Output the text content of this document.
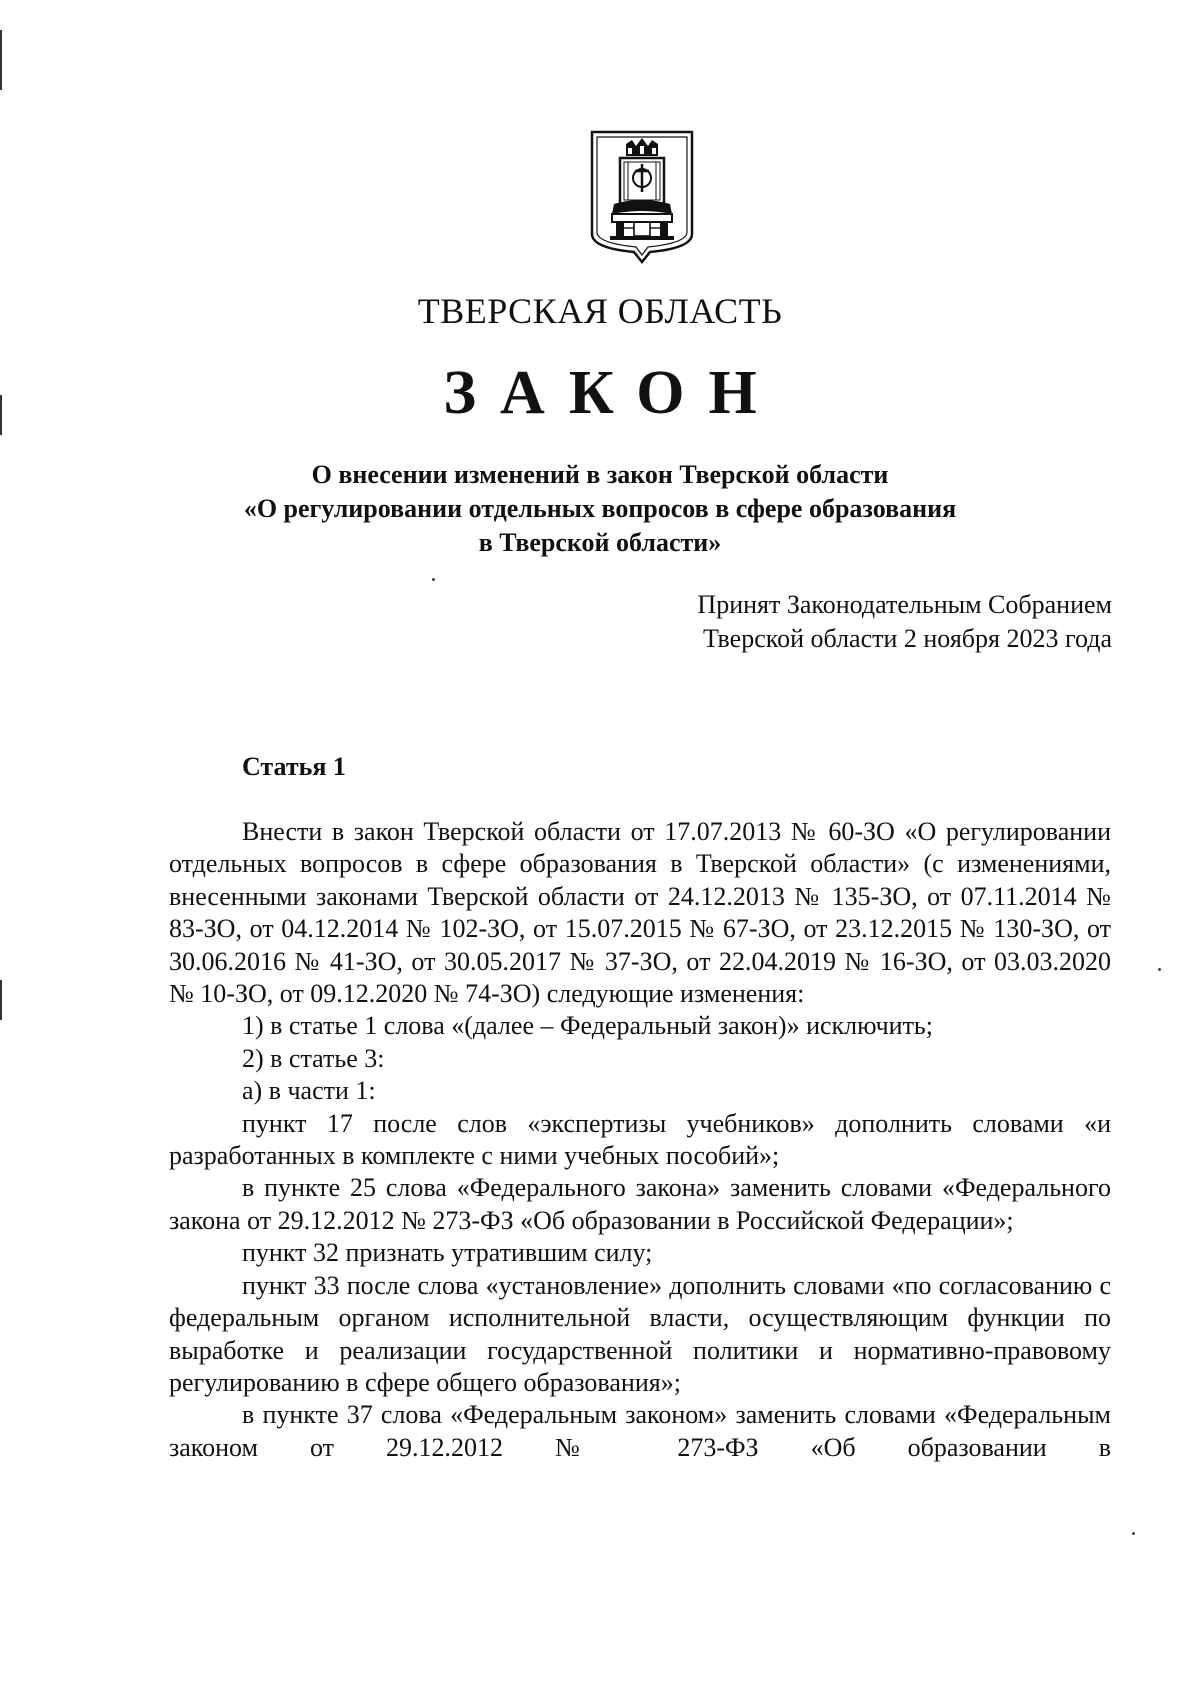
ТВЕРСКАЯ ОБЛАСТЬ
ЗАКОН
О внесении изменений в закон Тверской области
«О регулировании отдельных вопросов в сфере образования
в Тверской области»
Принят Законодательным Собранием
Тверской области 2 ноября 2023 года
Статья 1

Внести в закон Тверской области от 17.07.2013 № 60-ЗО «О регулировании отдельных вопросов в сфере образования в Тверской области» (с изменениями, внесенными законами Тверской области от 24.12.2013 № 135-ЗО, от 07.11.2014 № 83-ЗО, от 04.12.2014 № 102-ЗО, от 15.07.2015 № 67-ЗО, от 23.12.2015 № 130-ЗО, от 30.06.2016 № 41-ЗО, от 30.05.2017 № 37-ЗО, от 22.04.2019 № 16-ЗО, от 03.03.2020 № 10-ЗО, от 09.12.2020 № 74-ЗО) следующие изменения:

1) в статье 1 слова «(далее – Федеральный закон)» исключить;

2) в статье 3:

а) в части 1:

пункт 17 после слов «экспертизы учебников» дополнить словами «и разработанных в комплекте с ними учебных пособий»;

в пункте 25 слова «Федерального закона» заменить словами «Федерального закона от 29.12.2012 № 273-ФЗ «Об образовании в Российской Федерации»;

пункт 32 признать утратившим силу;

пункт 33 после слова «установление» дополнить словами «по согласованию с федеральным органом исполнительной власти, осуществляющим функции по выработке и реализации государственной политики и нормативно-правовому регулированию в сфере общего образования»;

в пункте 37 слова «Федеральным законом» заменить словами «Федеральным законом от 29.12.2012 № 273-ФЗ «Об образовании в
